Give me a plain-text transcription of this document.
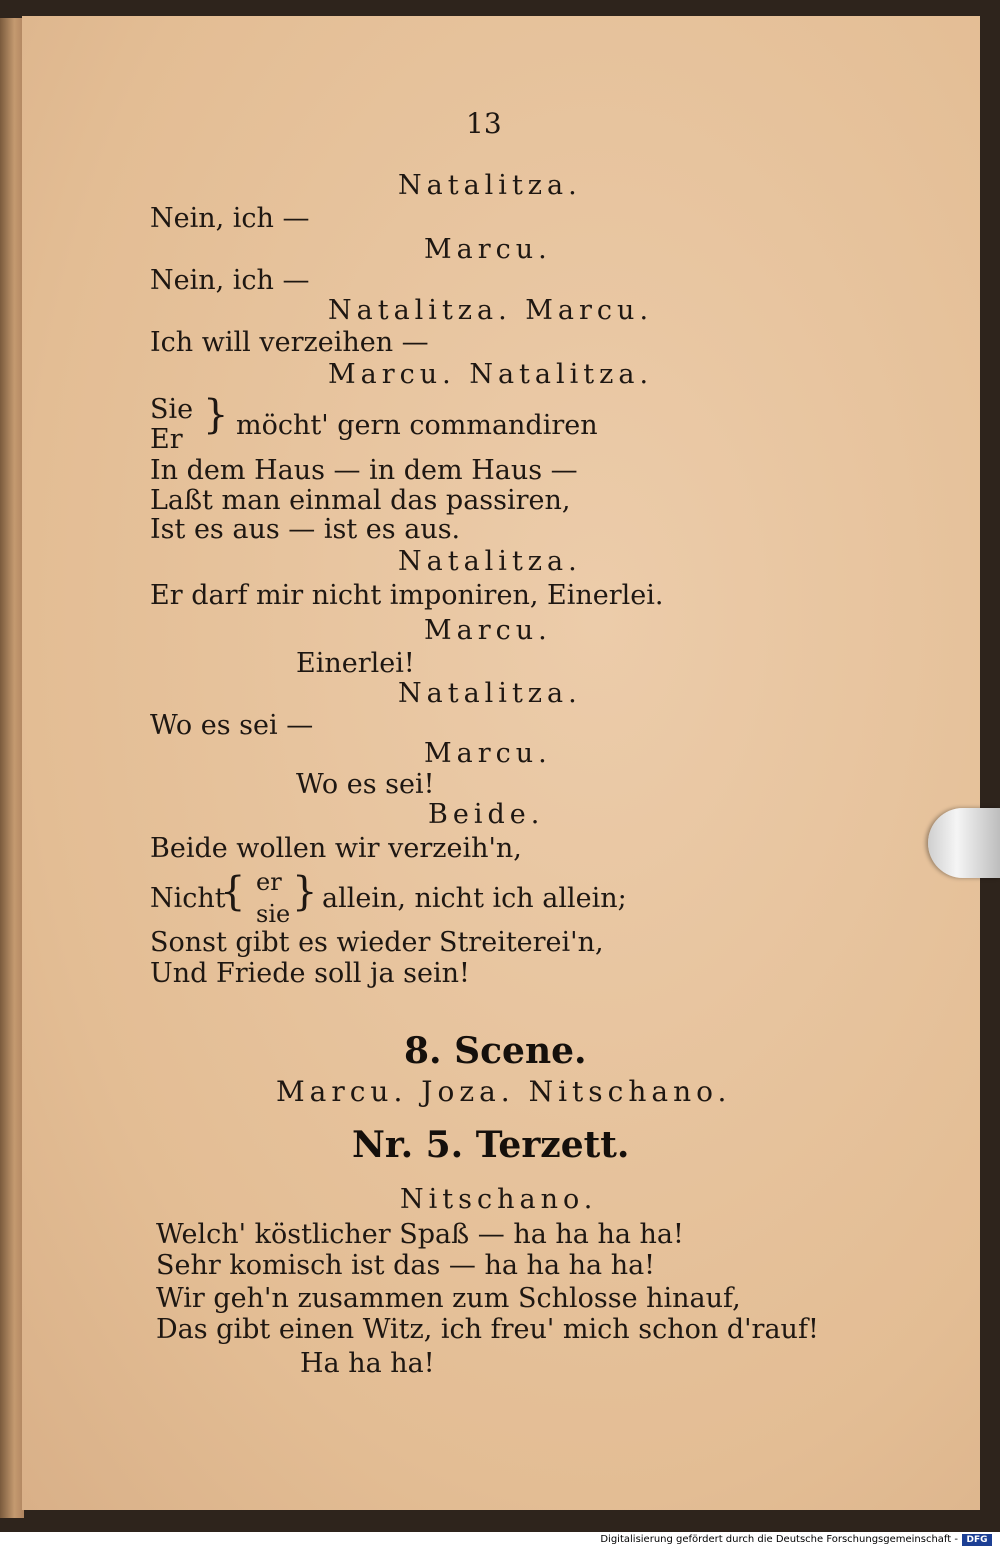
13
Natalitza.
Nein, ich —
Marcu.
Nein, ich —
Natalitza. Marcu.
Ich will verzeihen —
Marcu. Natalitza.
Sie
Er
} möcht' gern commandiren
In dem Haus — in dem Haus —
Laßt man einmal das passiren,
Ist es aus — ist es aus.
Natalitza.
Er darf mir nicht imponiren, Einerlei.
Marcu.
Einerlei!
Natalitza.
Wo es sei —
Marcu.
Wo es sei!
Beide.
Beide wollen wir verzeih'n,
Nicht
{ er
sie } allein, nicht ich allein;
Sonst gibt es wieder Streiterei'n,
Und Friede soll ja sein!
8. Scene.
Marcu. Joza. Nitschano.
Nr. 5. Terzett.
Nitschano.
Welch' köstlicher Spaß — ha ha ha ha!
Sehr komisch ist das — ha ha ha ha!
Wir geh'n zusammen zum Schlosse hinauf,
Das gibt einen Witz, ich freu' mich schon d'rauf!
Ha ha ha!
Digitalisierung gefördert durch die Deutsche Forschungsgemeinschaft - DFG
